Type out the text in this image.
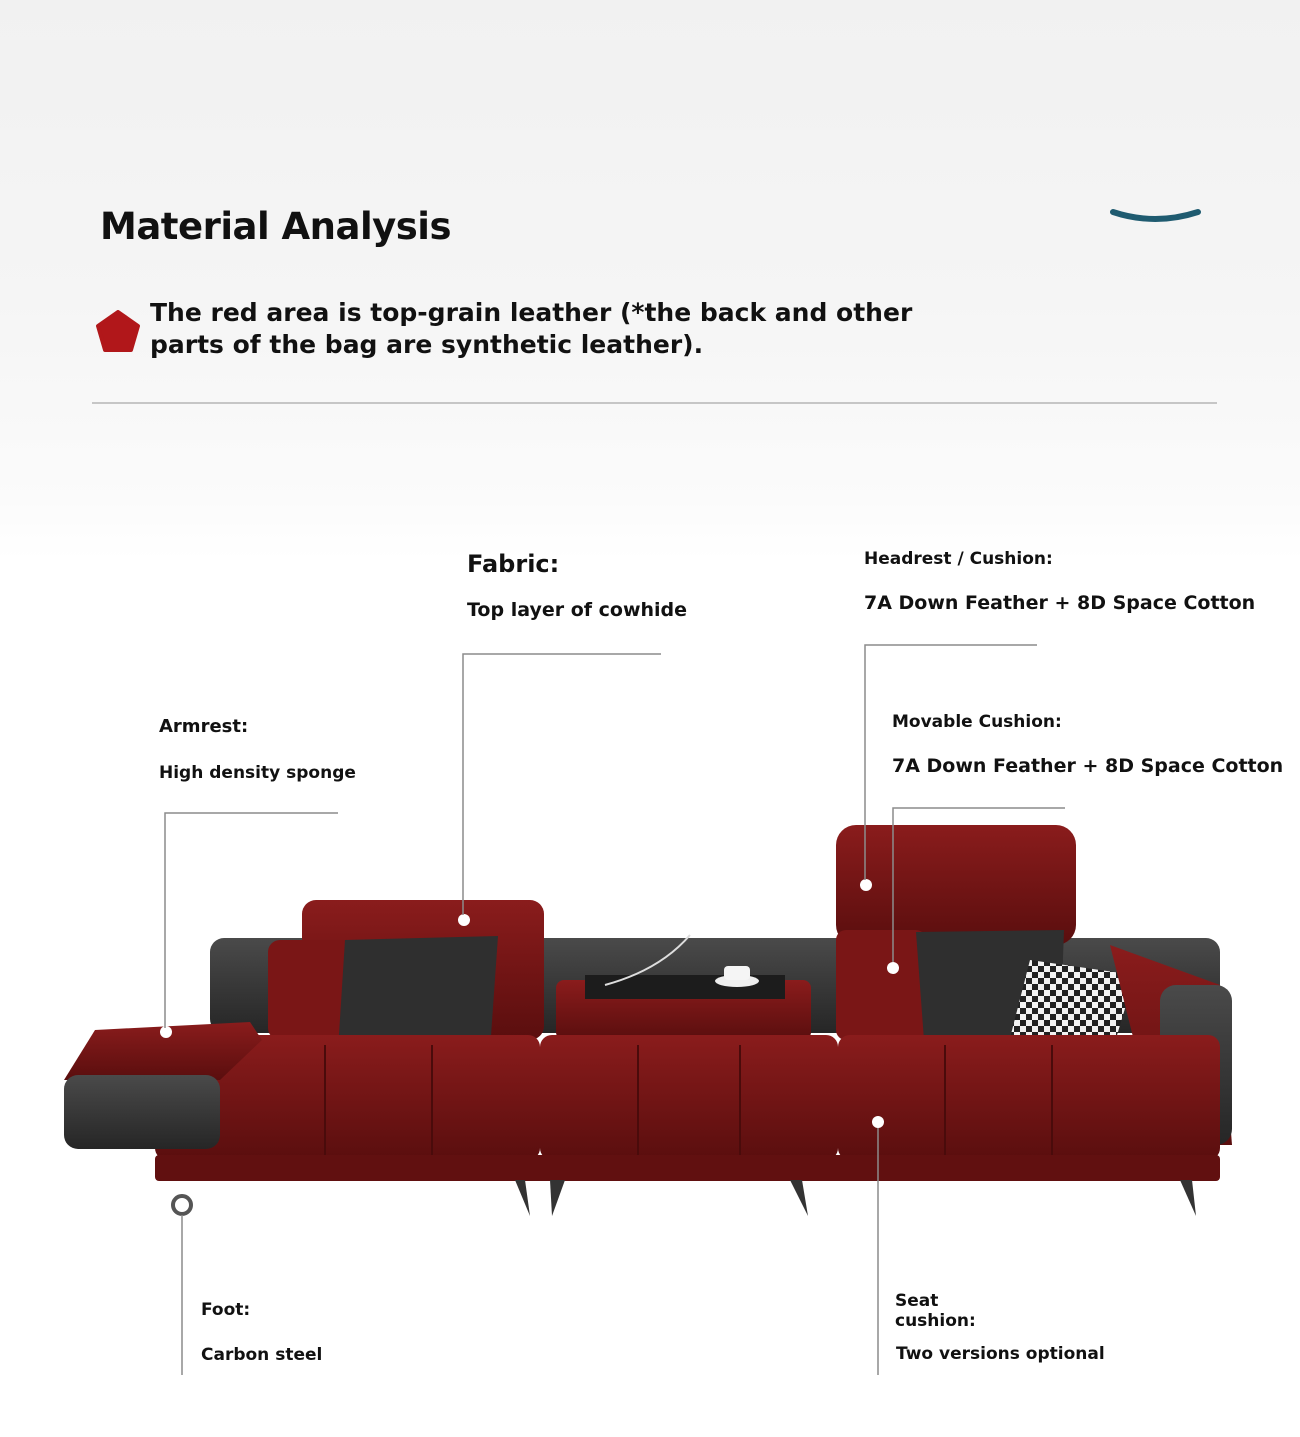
Material Analysis
The red area is top-grain leather (*the back and other parts of the bag are synthetic leather).
Fabric:
Top layer of cowhide
Headrest / Cushion:
7A Down Feather + 8D Space Cotton
Armrest:
High density sponge
Movable Cushion:
7A Down Feather + 8D Space Cotton
Foot:
Carbon steel
Seat
cushion:
Two versions optional
